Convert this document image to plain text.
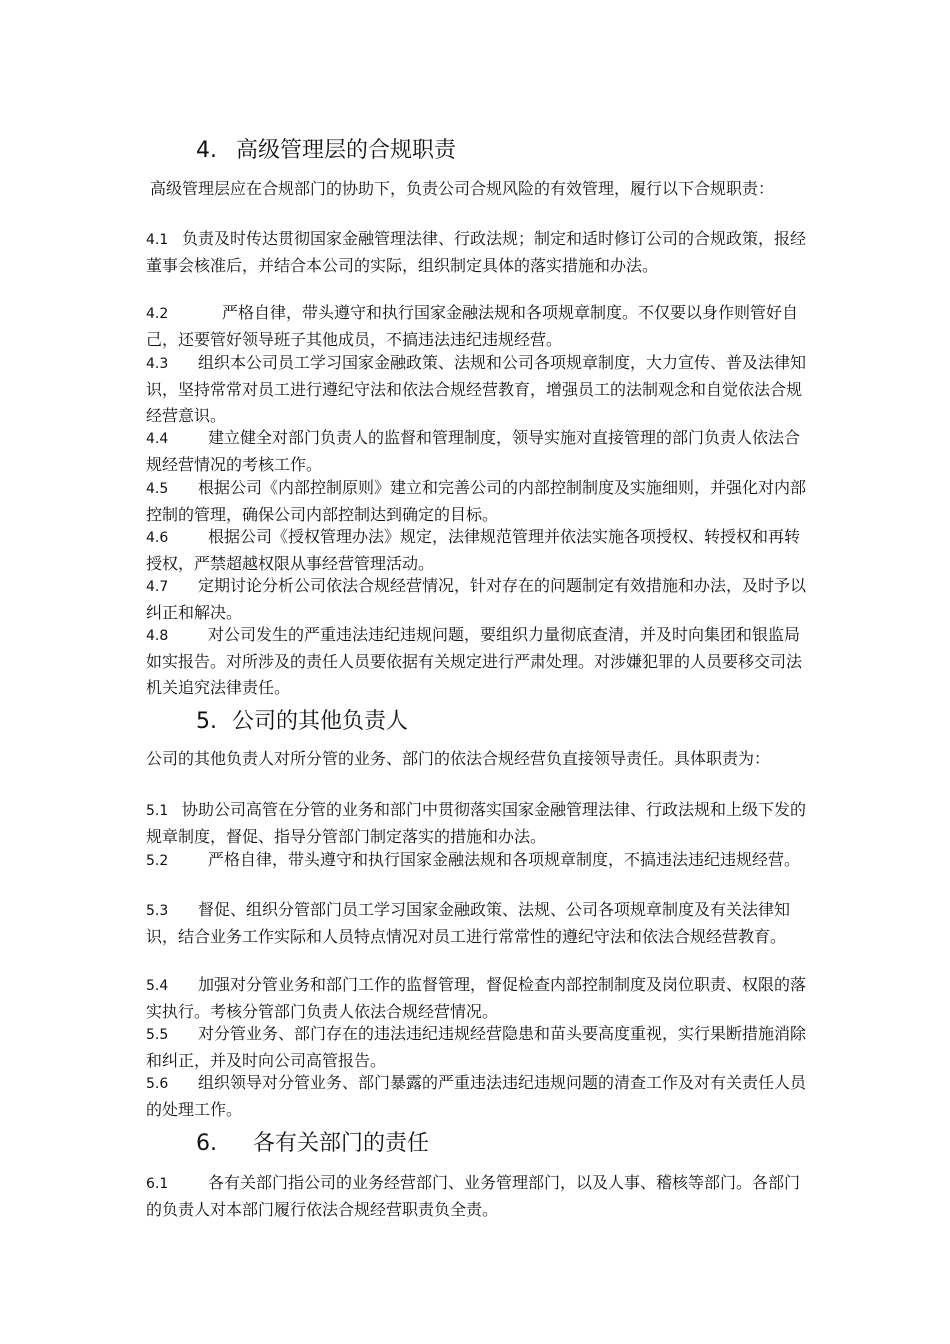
4. 高级管理层的合规职责
高级管理层应在合规部门的协助下，负责公司合规风险的有效管理，履行以下合规职责：
4.1 负责及时传达贯彻国家金融管理法律、行政法规；制定和适时修订公司的合规政策，报经董事会核准后，并结合本公司的实际，组织制定具体的落实措施和办法。
4.2	严格自律，带头遵守和执行国家金融法规和各项规章制度。不仅要以身作则管好自己，还要管好领导班子其他成员，不搞违法违纪违规经营。
4.3 组织本公司员工学习国家金融政策、法规和公司各项规章制度，大力宣传、普及法律知识，坚持常常对员工进行遵纪守法和依法合规经营教育，增强员工的法制观念和自觉依法合规经营意识。
4.4 建立健全对部门负责人的监督和管理制度，领导实施对直接管理的部门负责人依法合规经营情况的考核工作。
4.5 根据公司《内部控制原则》建立和完善公司的内部控制制度及实施细则，并强化对内部控制的管理，确保公司内部控制达到确定的目标。
4.6 根据公司《授权管理办法》规定，法律规范管理并依法实施各项授权、转授权和再转授权，严禁超越权限从事经营管理活动。
4.7 定期讨论分析公司依法合规经营情况，针对存在的问题制定有效措施和办法，及时予以纠正和解决。
4.8 对公司发生的严重违法违纪违规问题，要组织力量彻底查清，并及时向集团和银监局如实报告。对所涉及的责任人员要依据有关规定进行严肃处理。对涉嫌犯罪的人员要移交司法机关追究法律责任。
5. 公司的其他负责人
公司的其他负责人对所分管的业务、部门的依法合规经营负直接领导责任。具体职责为：
5.1 协助公司高管在分管的业务和部门中贯彻落实国家金融管理法律、行政法规和上级下发的规章制度，督促、指导分管部门制定落实的措施和办法。
5.2 严格自律，带头遵守和执行国家金融法规和各项规章制度，不搞违法违纪违规经营。
5.3 督促、组织分管部门员工学习国家金融政策、法规、公司各项规章制度及有关法律知识，结合业务工作实际和人员特点情况对员工进行常常性的遵纪守法和依法合规经营教育。
5.4 加强对分管业务和部门工作的监督管理，督促检查内部控制制度及岗位职责、权限的落实执行。考核分管部门负责人依法合规经营情况。
5.5 对分管业务、部门存在的违法违纪违规经营隐患和苗头要高度重视，实行果断措施消除和纠正，并及时向公司高管报告。
5.6 组织领导对分管业务、部门暴露的严重违法违纪违规问题的清查工作及对有关责任人员的处理工作。
6. 各有关部门的责任
6.1 各有关部门指公司的业务经营部门、业务管理部门，以及人事、稽核等部门。各部门的负责人对本部门履行依法合规经营职责负全责。
